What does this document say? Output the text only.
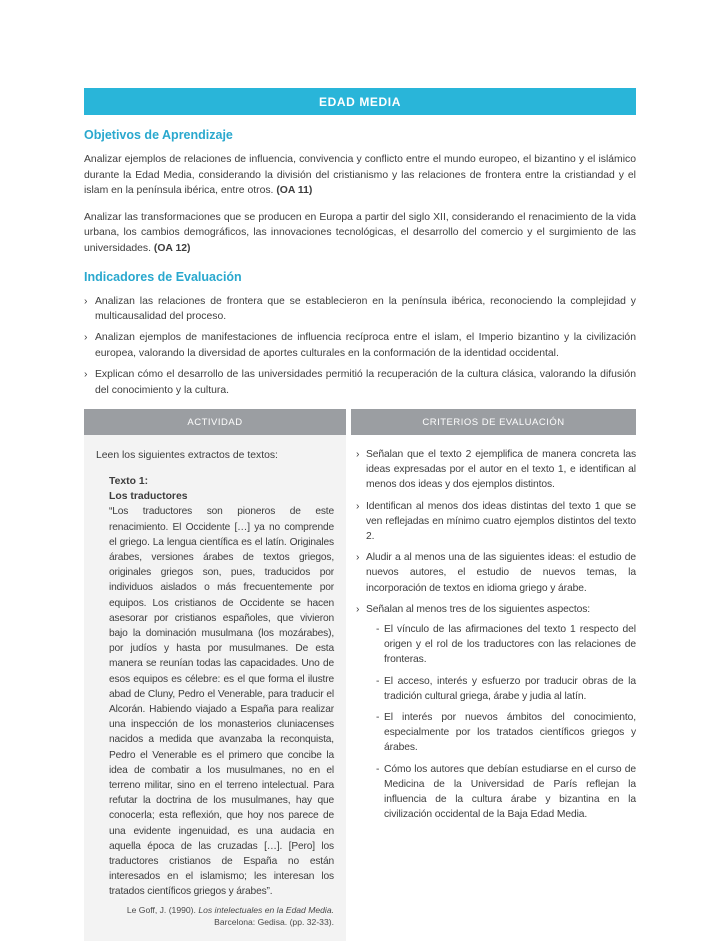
EDAD MEDIA
Objetivos de Aprendizaje

Analizar ejemplos de relaciones de influencia, convivencia y conflicto entre el mundo europeo, el bizantino y el islámico durante la Edad Media, considerando la división del cristianismo y las relaciones de frontera entre la cristiandad y el islam en la península ibérica, entre otros. (OA 11)

Analizar las transformaciones que se producen en Europa a partir del siglo XII, considerando el renacimiento de la vida urbana, los cambios demográficos, las innovaciones tecnológicas, el desarrollo del comercio y el surgimiento de las universidades. (OA 12)

Indicadores de Evaluación
› Analizan las relaciones de frontera que se establecieron en la península ibérica, reconociendo la complejidad y multicausalidad del proceso.
› Analizan ejemplos de manifestaciones de influencia recíproca entre el islam, el Imperio bizantino y la civilización europea, valorando la diversidad de aportes culturales en la conformación de la identidad occidental.
› Explican cómo el desarrollo de las universidades permitió la recuperación de la cultura clásica, valorando la difusión del conocimiento y la cultura.
ACTIVIDAD
Leen los siguientes extractos de textos:
Texto 1:
Los traductores
“Los traductores son pioneros de este renacimiento. El Occidente […] ya no comprende el griego. La lengua científica es el latín. Originales árabes, versiones árabes de textos griegos, originales griegos son, pues, traducidos por individuos aislados o más frecuentemente por equipos. Los cristianos de Occidente se hacen asesorar por cristianos españoles, que vivieron bajo la dominación musulmana (los mozárabes), por judíos y hasta por musulmanes. De esta manera se reunían todas las capacidades. Uno de esos equipos es célebre: es el que forma el ilustre abad de Cluny, Pedro el Venerable, para traducir el Alcorán. Habiendo viajado a España para realizar una inspección de los monasterios cluniacenses nacidos a medida que avanzaba la reconquista, Pedro el Venerable es el primero que concibe la idea de combatir a los musulmanes, no en el terreno militar, sino en el terreno intelectual. Para refutar la doctrina de los musulmanes, hay que conocerla; esta reflexión, que hoy nos parece de una evidente ingenuidad, es una audacia en aquella época de las cruzadas […]. [Pero] los traductores cristianos de España no están interesados en el islamismo; les interesan los tratados científicos griegos y árabes”.
Le Goff, J. (1990). Los intelectuales en la Edad Media.
Barcelona: Gedisa. (pp. 32-33).
CRITERIOS DE EVALUACIÓN
› Señalan que el texto 2 ejemplifica de manera concreta las ideas expresadas por el autor en el texto 1, e identifican al menos dos ideas y dos ejemplos distintos.
› Identifican al menos dos ideas distintas del texto 1 que se ven reflejadas en mínimo cuatro ejemplos distintos del texto 2.
› Aludir a al menos una de las siguientes ideas: el estudio de nuevos autores, el estudio de nuevos temas, la incorporación de textos en idioma griego y árabe.
› Señalan al menos tres de los siguientes aspectos:
- El vínculo de las afirmaciones del texto 1 respecto del origen y el rol de los traductores con las relaciones de fronteras.
- El acceso, interés y esfuerzo por traducir obras de la tradición cultural griega, árabe y judia al latín.
- El interés por nuevos ámbitos del conocimiento, especialmente por los tratados científicos griegos y árabes.
- Cómo los autores que debían estudiarse en el curso de Medicina de la Universidad de París reflejan la influencia de la cultura árabe y bizantina en la civilización occidental de la Baja Edad Media.
